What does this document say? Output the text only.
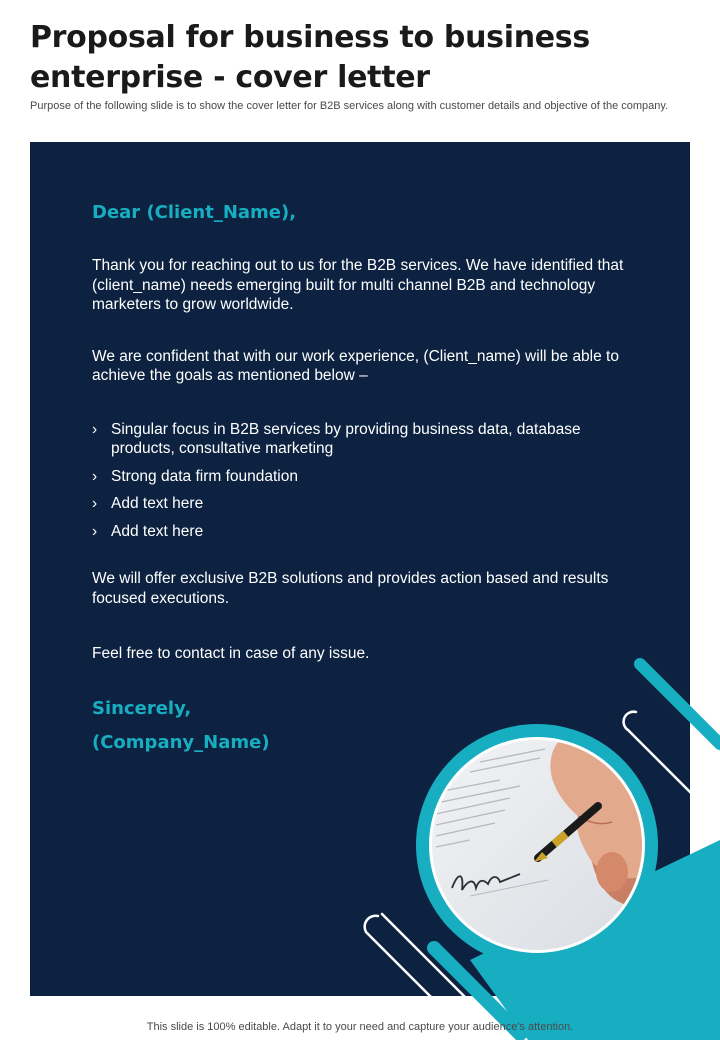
Proposal for business to business enterprise - cover letter
Purpose of the following slide is to show the cover letter for B2B services along with customer details and objective of the company.
Dear (Client_Name),

Thank you for reaching out to us for the B2B services. We have identified that (client_name) needs emerging built for multi channel B2B and technology marketers to grow worldwide.

We are confident that with our work experience, (Client_name) will be able to achieve the goals as mentioned below –

› Singular focus in B2B services by providing business data, database products, consultative marketing
› Strong data firm foundation
› Add text here
› Add text here

We will offer exclusive B2B solutions and provides action based and results focused executions.

Feel free to contact in case of any issue.

Sincerely,
(Company_Name)
This slide is 100% editable. Adapt it to your need and capture your audience's attention.
